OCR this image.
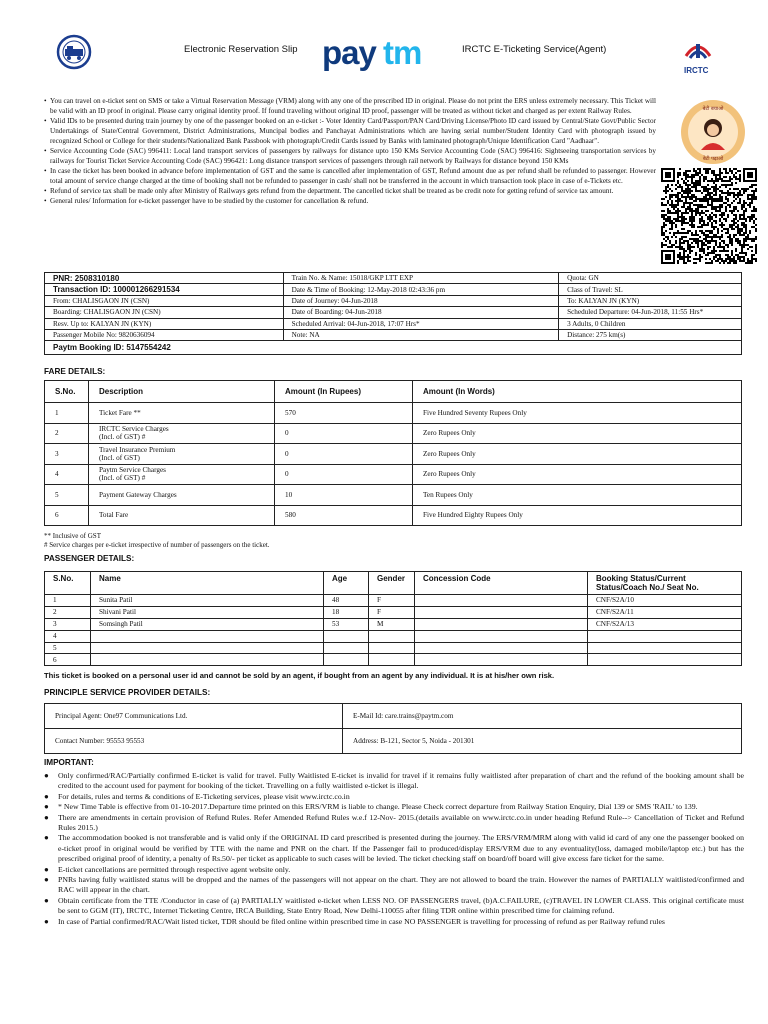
Electronic Reservation Slip pay tm	IRCTC E-Ticketing Service(Agent)
IRCTC
• You can travel on e-ticket sent on SMS or take a Virtual Reservation Message (VRM) along with any one of the prescribed ID in original. Please do not print the ERS unless extremely necessary. This Ticket will be valid with an ID proof in original. Please carry original identity proof. If found traveling without original ID proof, passenger will be treated as without ticket and charged as per extent Railway Rules.
• Valid IDs to be presented during train journey by one of the passenger booked on an e-ticket :- Voter Identity Card/Passport/PAN Card/Driving License/Photo ID card issued by Central/State Govt/Public Sector Undertakings of State/Central Government, District Administrations, Muncipal bodies and Panchayat Administrations which are having serial number/Student Identity Card with photograph issued by recognized School or College for their students/Nationalized Bank Passbook with photograph/Credit Cards issued by Banks with laminated photograph/Unique Identification Card "Aadhaar".
• Service Accounting Code (SAC) 996411: Local land transport services of passengers by railways for distance upto 150 KMs Service Accounting Code (SAC) 996416: Sightseeing transportation services by railways for Tourist Ticket Service Accounting Code (SAC) 996421: Long distance transport services of passengers through rail network by Railways for distance beyond 150 KMs
• In case the ticket has been booked in advance before implementation of GST and the same is cancelled after implementation of GST, Refund amount due as per refund shall be refunded to passenger. However total amount of service change charged at the time of booking shall not be refunded to passenger in cash/ shall not be transferred in the account in which transaction took place in case of e-Tickets etc.
• Refund of service tax shall be made only after Ministry of Railways gets refund from the department. The cancelled ticket shall be treated as be credit note for getting refund of service tax amount.
• General rules/ Information for e-ticket passenger have to be studied by the customer for cancellation & refund.
बेटी बचाओ
बेटी पढ़ाओ
PNR: 2508310180	Train No. & Name: 15018/GKP LTT EXP	Quota: GN
Transaction ID: 100001266291534	Date & Time of Booking: 12-May-2018 02:43:36 pm	Class of Travel: SL
From: CHALISGAON JN (CSN)	Date of Journey: 04-Jun-2018	To: KALYAN JN (KYN)
Boarding: CHALISGAON JN (CSN)	Date of Boarding: 04-Jun-2018	Scheduled Departure: 04-Jun-2018, 11:55 Hrs*
Resv. Up to: KALYAN JN (KYN)	Scheduled Arrival: 04-Jun-2018, 17:07 Hrs*	3 Adults, 0 Children
Passenger Mobile No: 9820636094	Note: NA	Distance: 275 km(s)
Paytm Booking ID: 5147554242		
FARE DETAILS:
S.No.	Description	Amount (In Rupees)	Amount (In Words)
1	Ticket Fare **	570	Five Hundred Seventy Rupees Only
2	IRCTC Service Charges
(Incl. of GST) #	0	Zero Rupees Only
3	Travel Insurance Premium
(Incl. of GST)	0	Zero Rupees Only
4	Paytm Service Charges
(Incl. of GST) #	0	Zero Rupees Only
5	Payment Gateway Charges	10	Ten Rupees Only
6	Total Fare	580	Five Hundred Eighty Rupees Only
** Inclusive of GST
# Service charges per e-ticket irrespective of number of passengers on the ticket.
PASSENGER DETAILS:
S.No.	Name	Age	Gender	Concession Code	Booking Status/Current Status/Coach No./ Seat No.
1	Sunita Patil	48	F		CNF/S2A/10
2	Shivani Patil	18	F		CNF/S2A/11
3	Somsingh Patil	53	M		CNF/S2A/13
4					
5					
6					
This ticket is booked on a personal user id and cannot be sold by an agent, if bought from an agent by any individual. It is at his/her own risk.
PRINCIPLE SERVICE PROVIDER DETAILS:
Principal Agent: One97 Communications Ltd.	E-Mail Id: care.trains@paytm.com
Contact Number: 95553 95553	Address: B-121, Sector 5, Noida - 201301
IMPORTANT:
● Only confirmed/RAC/Partially confirmed E-ticket is valid for travel. Fully Waitlisted E-ticket is invalid for travel if it remains fully waitlisted after preparation of chart and the refund of the booking amount shall be credited to the account used for payment for booking of the ticket. Travelling on a fully waitlisted e-ticket is illegal.
● For details, rules and terms & conditions of E-Ticketing services, please visit www.irctc.co.in
● * New Time Table is effective from 01-10-2017.Departure time printed on this ERS/VRM is liable to change. Please Check correct departure from Railway Station Enquiry, Dial 139 or SMS 'RAIL' to 139.
● There are amendments in certain provision of Refund Rules. Refer Amended Refund Rules w.e.f 12-Nov- 2015.(details available on www.irctc.co.in under heading Refund Rule--> Cancellation of Ticket and Refund Rules 2015.)
● The accommodation booked is not transferable and is valid only if the ORIGINAL ID card prescribed is presented during the journey. The ERS/VRM/MRM along with valid id card of any one the passenger booked on e-ticket proof in original would be verified by TTE with the name and PNR on the chart. If the Passenger fail to produced/display ERS/VRM due to any eventuality(loss, damaged mobile/laptop etc.) but has the prescribed original proof of identity, a penalty of Rs.50/- per ticket as applicable to such cases will be levied. The ticket checking staff on board/off board will give excess fare ticket for the same.
● E-ticket cancellations are permitted through respective agent website only.
● PNRs having fully waitlisted status will be dropped and the names of the passengers will not appear on the chart. They are not allowed to board the train. However the names of PARTIALLY waitlisted/confirmed and RAC will appear in the chart.
● Obtain certificate from the TTE /Conductor in case of (a) PARTIALLY waitlisted e-ticket when LESS NO. OF PASSENGERS travel, (b)A.C.FAILURE, (c)TRAVEL IN LOWER CLASS. This original certificate must be sent to GGM (IT), IRCTC, Internet Ticketing Centre, IRCA Building, State Entry Road, New Delhi-110055 after filing TDR online within prescribed time for claiming refund.
● In case of Partial confirmed/RAC/Wait listed ticket, TDR should be filed online within prescribed time in case NO PASSENGER is travelling for processing of refund as per Railway refund rules
